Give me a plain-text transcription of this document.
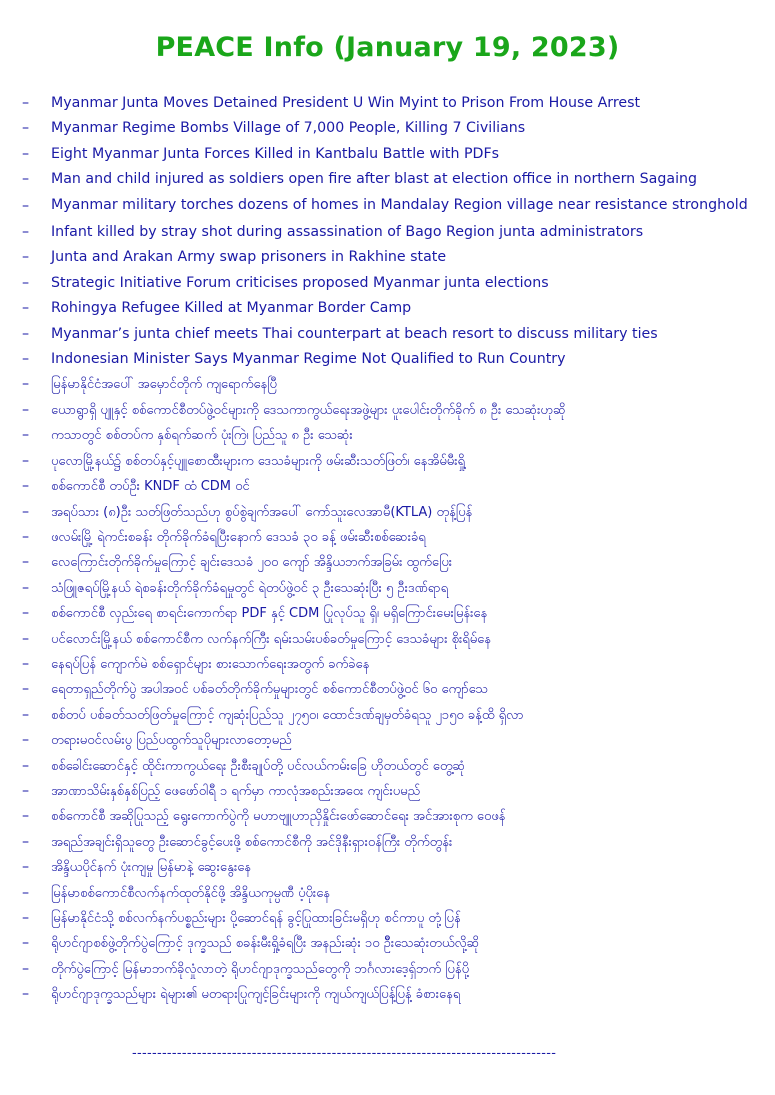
PEACE Info (January 19, 2023)
–	Myanmar Junta Moves Detained President U Win Myint to Prison From House Arrest
–	Myanmar Regime Bombs Village of 7,000 People, Killing 7 Civilians
–	Eight Myanmar Junta Forces Killed in Kantbalu Battle with PDFs
–	Man and child injured as soldiers open fire after blast at election office in northern Sagaing
–	Myanmar military torches dozens of homes in Mandalay Region village near resistance stronghold
–	Infant killed by stray shot during assassination of Bago Region junta administrators
–	Junta and Arakan Army swap prisoners in Rakhine state
–	Strategic Initiative Forum criticises proposed Myanmar junta elections
–	Rohingya Refugee Killed at Myanmar Border Camp
–	Myanmar’s junta chief meets Thai counterpart at beach resort to discuss military ties
–	Indonesian Minister Says Myanmar Regime Not Qualified to Run Country
–	မြန်မာနိုင်ငံအပေါ် အမှောင်တိုက် ကျရောက်နေပြီ
–	ယောရွာရှိ ပျူနှင့် စစ်ကောင်စီတပ်ဖွဲ့ဝင်များကို ဒေသကာကွယ်ရေးအဖွဲ့များ ပူးပေါင်းတိုက်ခိုက် ၈ ဦး သေဆုံးဟုဆို
–	ကသာတွင် စစ်တပ်က နှစ်ရက်ဆက် ပုံးကြဲ၊ ပြည်သူ ၈ ဦး သေဆုံး
–	ပုလောမြို့နယ်၌ စစ်တပ်နှင့်ပျူစောထီးများက ဒေသခံများကို ဖမ်းဆီးသတ်ဖြတ်၊ နေအိမ်မီးရှို့
–	စစ်ကောင်စီ တပ်ဦး KNDF ထံ CDM ဝင်
–	အရပ်သား (၈)ဦး သတ်ဖြတ်သည်ဟု စွပ်စွဲချက်အပေါ် ကော်သူးလေအာမီ(KTLA) တုန့်ပြန်
–	ဖလမ်းမြို့ ရဲကင်းစခန်း တိုက်ခိုက်ခံရပြီးနောက် ဒေသခံ ၃၀ ခန့် ဖမ်းဆီးစစ်ဆေးခံရ
–	လေကြောင်းတိုက်ခိုက်မှုကြောင့် ချင်းဒေသခံ ၂၀၀ ကျော် အိန္ဒိယဘက်အခြမ်း ထွက်ပြေး
–	သံဖြူဇရပ်မြို့နယ် ရဲစခန်းတိုက်ခိုက်ခံရမှုတွင် ရဲတပ်ဖွဲ့ဝင် ၃ ဦးသေဆုံးပြီး ၅ ဦးဒဏ်ရာရ
–	စစ်ကောင်စီ လှည်းရေ စာရင်းကောက်ရာ PDF နှင့် CDM ပြုလုပ်သူ ရှိ၊ မရှိကြောင်းမေးမြန်းနေ
–	ပင်လောင်းမြို့နယ် စစ်ကောင်စီက လက်နက်ကြီး ရမ်းသမ်းပစ်ခတ်မှုကြောင့် ဒေသခံများ စိုးရိမ်နေ
–	နေရပ်ပြန် ကျောက်မဲ စစ်ရှောင်များ စားသောက်ရေးအတွက် ခက်ခဲနေ
–	ရေတာရှည်တိုက်ပွဲ အပါအဝင် ပစ်ခတ်တိုက်ခိုက်မှုများတွင် စစ်ကောင်စီတပ်ဖွဲ့ဝင် ၆၀ ကျော်သေ
–	စစ်တပ် ပစ်ခတ်သတ်ဖြတ်မှုကြောင့် ကျဆုံးပြည်သူ ၂၇၅၀၊ ထောင်ဒဏ်ချမှတ်ခံရသူ ၂၁၅၀ ခန့်ထိ ရှိလာ
–	တရားမဝင်လမ်းပွ ပြည်ပထွက်သူပိုများလာတော့မည်
–	စစ်ခေါင်းဆောင်နှင့် ထိုင်းကာကွယ်ရေး ဦးစီးချုပ်တို့ ပင်လယ်ကမ်းခြေ ဟိုတယ်တွင် တွေ့ဆုံ
–	အာဏာသိမ်းနှစ်နှစ်ပြည့် ဖေဖော်ဝါရီ ၁ ရက်မှာ ကာလုံအစည်းအဝေး ကျင်းပမည်
–	စစ်ကောင်စီ အဆိုပြုသည့် ရွေးကောက်ပွဲကို မဟာဗျူဟာညှိနှိုင်းဖော်ဆောင်ရေး အင်အားစုက ဝေဖန်
–	အရည်အချင်းရှိသူတွေ ဦးဆောင်ခွင့်ပေးဖို့ စစ်ကောင်စီကို အင်ဒိုနီးရှားဝန်ကြီး တိုက်တွန်း
–	အိန္ဒိယပိုင်နက် ပုံးကျမှု မြန်မာနဲ့ ဆွေးနွေးနေ
–	မြန်မာစစ်ကောင်စီလက်နက်ထုတ်နိုင်ဖို့ အိန္ဒိယကုမ္ပဏီ ပံ့ပိုးနေ
–	မြန်မာနိုင်ငံသို့ စစ်လက်နက်ပစ္စည်းများ ပို့ဆောင်ရန် ခွင့်ပြုထားခြင်းမရှိဟု စင်ကာပူ တုံ့ပြန်
–	ရိုဟင်ဂျာစစ်ဖွဲ့တိုက်ပွဲကြောင့် ဒုက္ခသည် စခန်းမီးရှို့ခံရပြီး အနည်းဆုံး ၁၀ ဥိိီးသေဆုံးတယ်လို့ဆို
–	တိုက်ပွဲကြောင့် မြန်မာဘက်ခိုလှုံလာတဲ့ ရိုဟင်ဂျာဒုက္ခသည်တွေကို ဘင်္ဂလားဒေ့ရှ်ဘက် ပြန်ပို့
–	ရိုဟင်ဂျာဒုက္ခသည်များ ရဲများ၏ မတရားပြုကျင့်ခြင်းများကို ကျယ်ကျယ်ပြန့်ပြန့် ခံစားနေရ
-------------------------------------------------------------------------------------
